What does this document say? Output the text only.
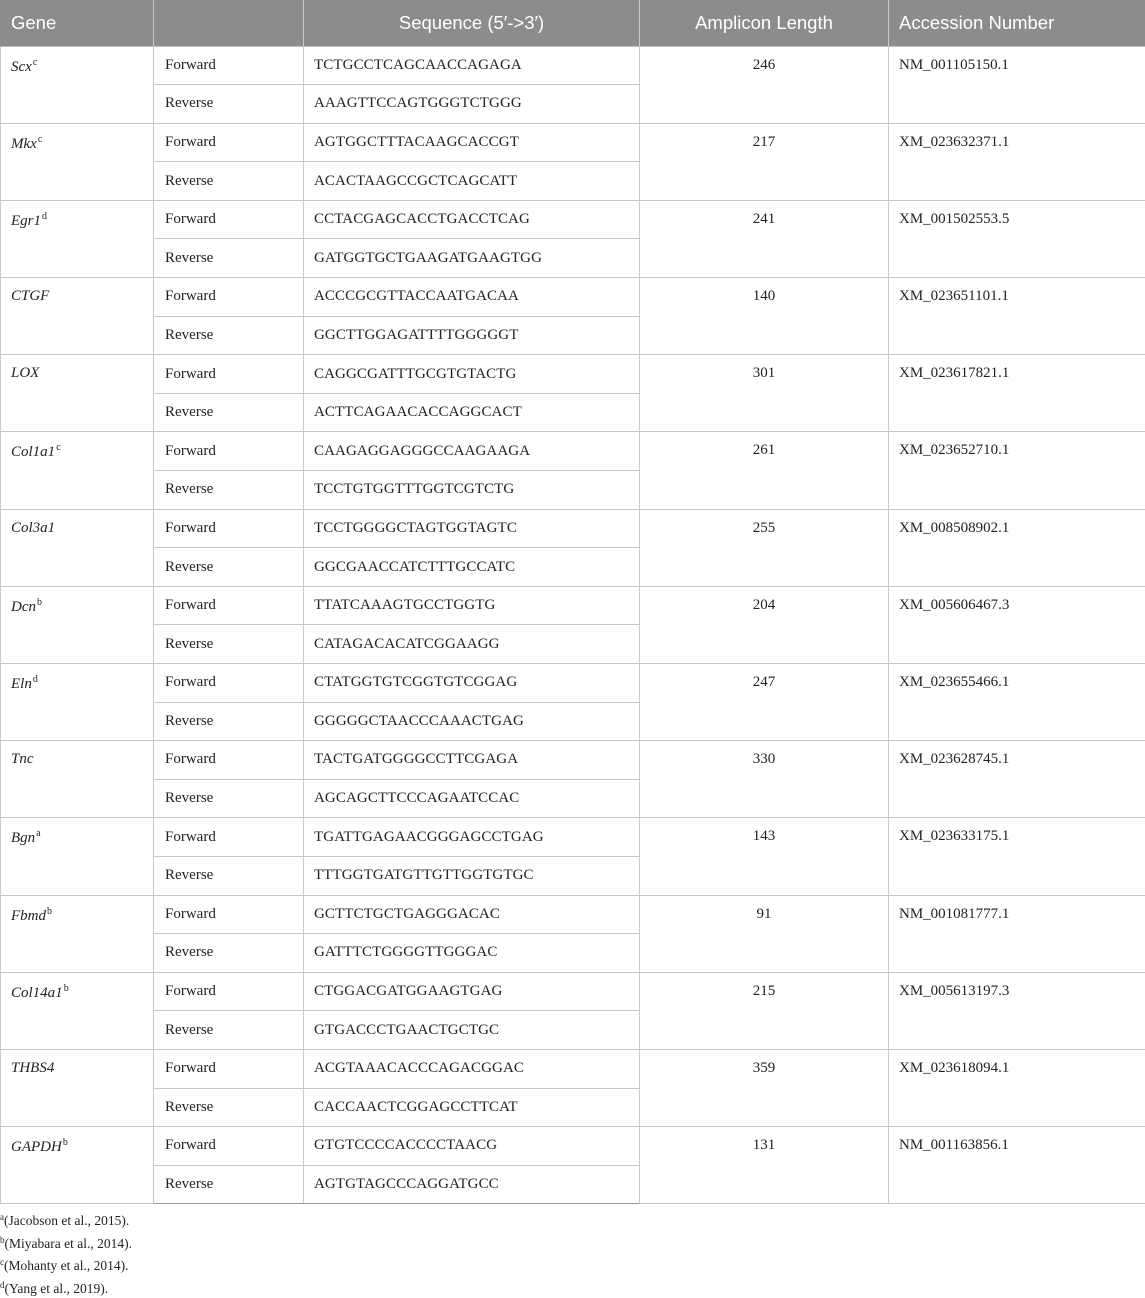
Gene		Sequence (5′->3′)	Amplicon Length	Accession Number
Scx$^c$	Forward	TCTGCCTCAGCAACCAGAGA	246	NM_001105150.1
	Reverse	AAAGTTCCAGTGGGTCTGGG		
Mkx$^c$	Forward	AGTGGCTTTACAAGCACCGT	217	XM_023632371.1
	Reverse	ACACTAAGCCGCTCAGCATT		
Egr1$^d$	Forward	CCTACGAGCACCTGACCTCAG	241	XM_001502553.5
	Reverse	GATGGTGCTGAAGATGAAGTGG		
CTGF	Forward	ACCCGCGTTACCAATGACAA	140	XM_023651101.1
	Reverse	GGCTTGGAGATTTTGGGGGT		
LOX	Forward	CAGGCGATTTGCGTGTACTG	301	XM_023617821.1
	Reverse	ACTTCAGAACACCAGGCACT		
Col1a1$^c$	Forward	CAAGAGGAGGGCCAAGAAGA	261	XM_023652710.1
	Reverse	TCCTGTGGTTTGGTCGTCTG		
Col3a1	Forward	TCCTGGGGCTAGTGGTAGTC	255	XM_008508902.1
	Reverse	GGCGAACCATCTTTGCCATC		
Dcn$^b$	Forward	TTATCAAAGTGCCTGGTG	204	XM_005606467.3
	Reverse	CATAGACACATCGGAAGG		
Eln$^d$	Forward	CTATGGTGTCGGTGTCGGAG	247	XM_023655466.1
	Reverse	GGGGGCTAACCCAAACTGAG		
Tnc	Forward	TACTGATGGGGCCTTCGAGA	330	XM_023628745.1
	Reverse	AGCAGCTTCCCAGAATCCAC		
Bgn$^a$	Forward	TGATTGAGAACGGGAGCCTGAG	143	XM_023633175.1
	Reverse	TTTGGTGATGTTGTTGGTGTGC		
Fbmd$^b$	Forward	GCTTCTGCTGAGGGACAC	91	NM_001081777.1
	Reverse	GATTTCTGGGGTTGGGAC		
Col14a1$^b$	Forward	CTGGACGATGGAAGTGAG	215	XM_005613197.3
	Reverse	GTGACCCTGAACTGCTGC		
THBS4	Forward	ACGTAAACACCCAGACGGAC	359	XM_023618094.1
	Reverse	CACCAACTCGGAGCCTTCAT		
GAPDH$^b$	Forward	GTGTCCCCACCCCTAACG	131	NM_001163856.1
	Reverse	AGTGTAGCCCAGGATGCC		
$^a$(Jacobson et al., 2015).
$^b$(Miyabara et al., 2014).
$^c$(Mohanty et al., 2014).
$^d$(Yang et al., 2019).
